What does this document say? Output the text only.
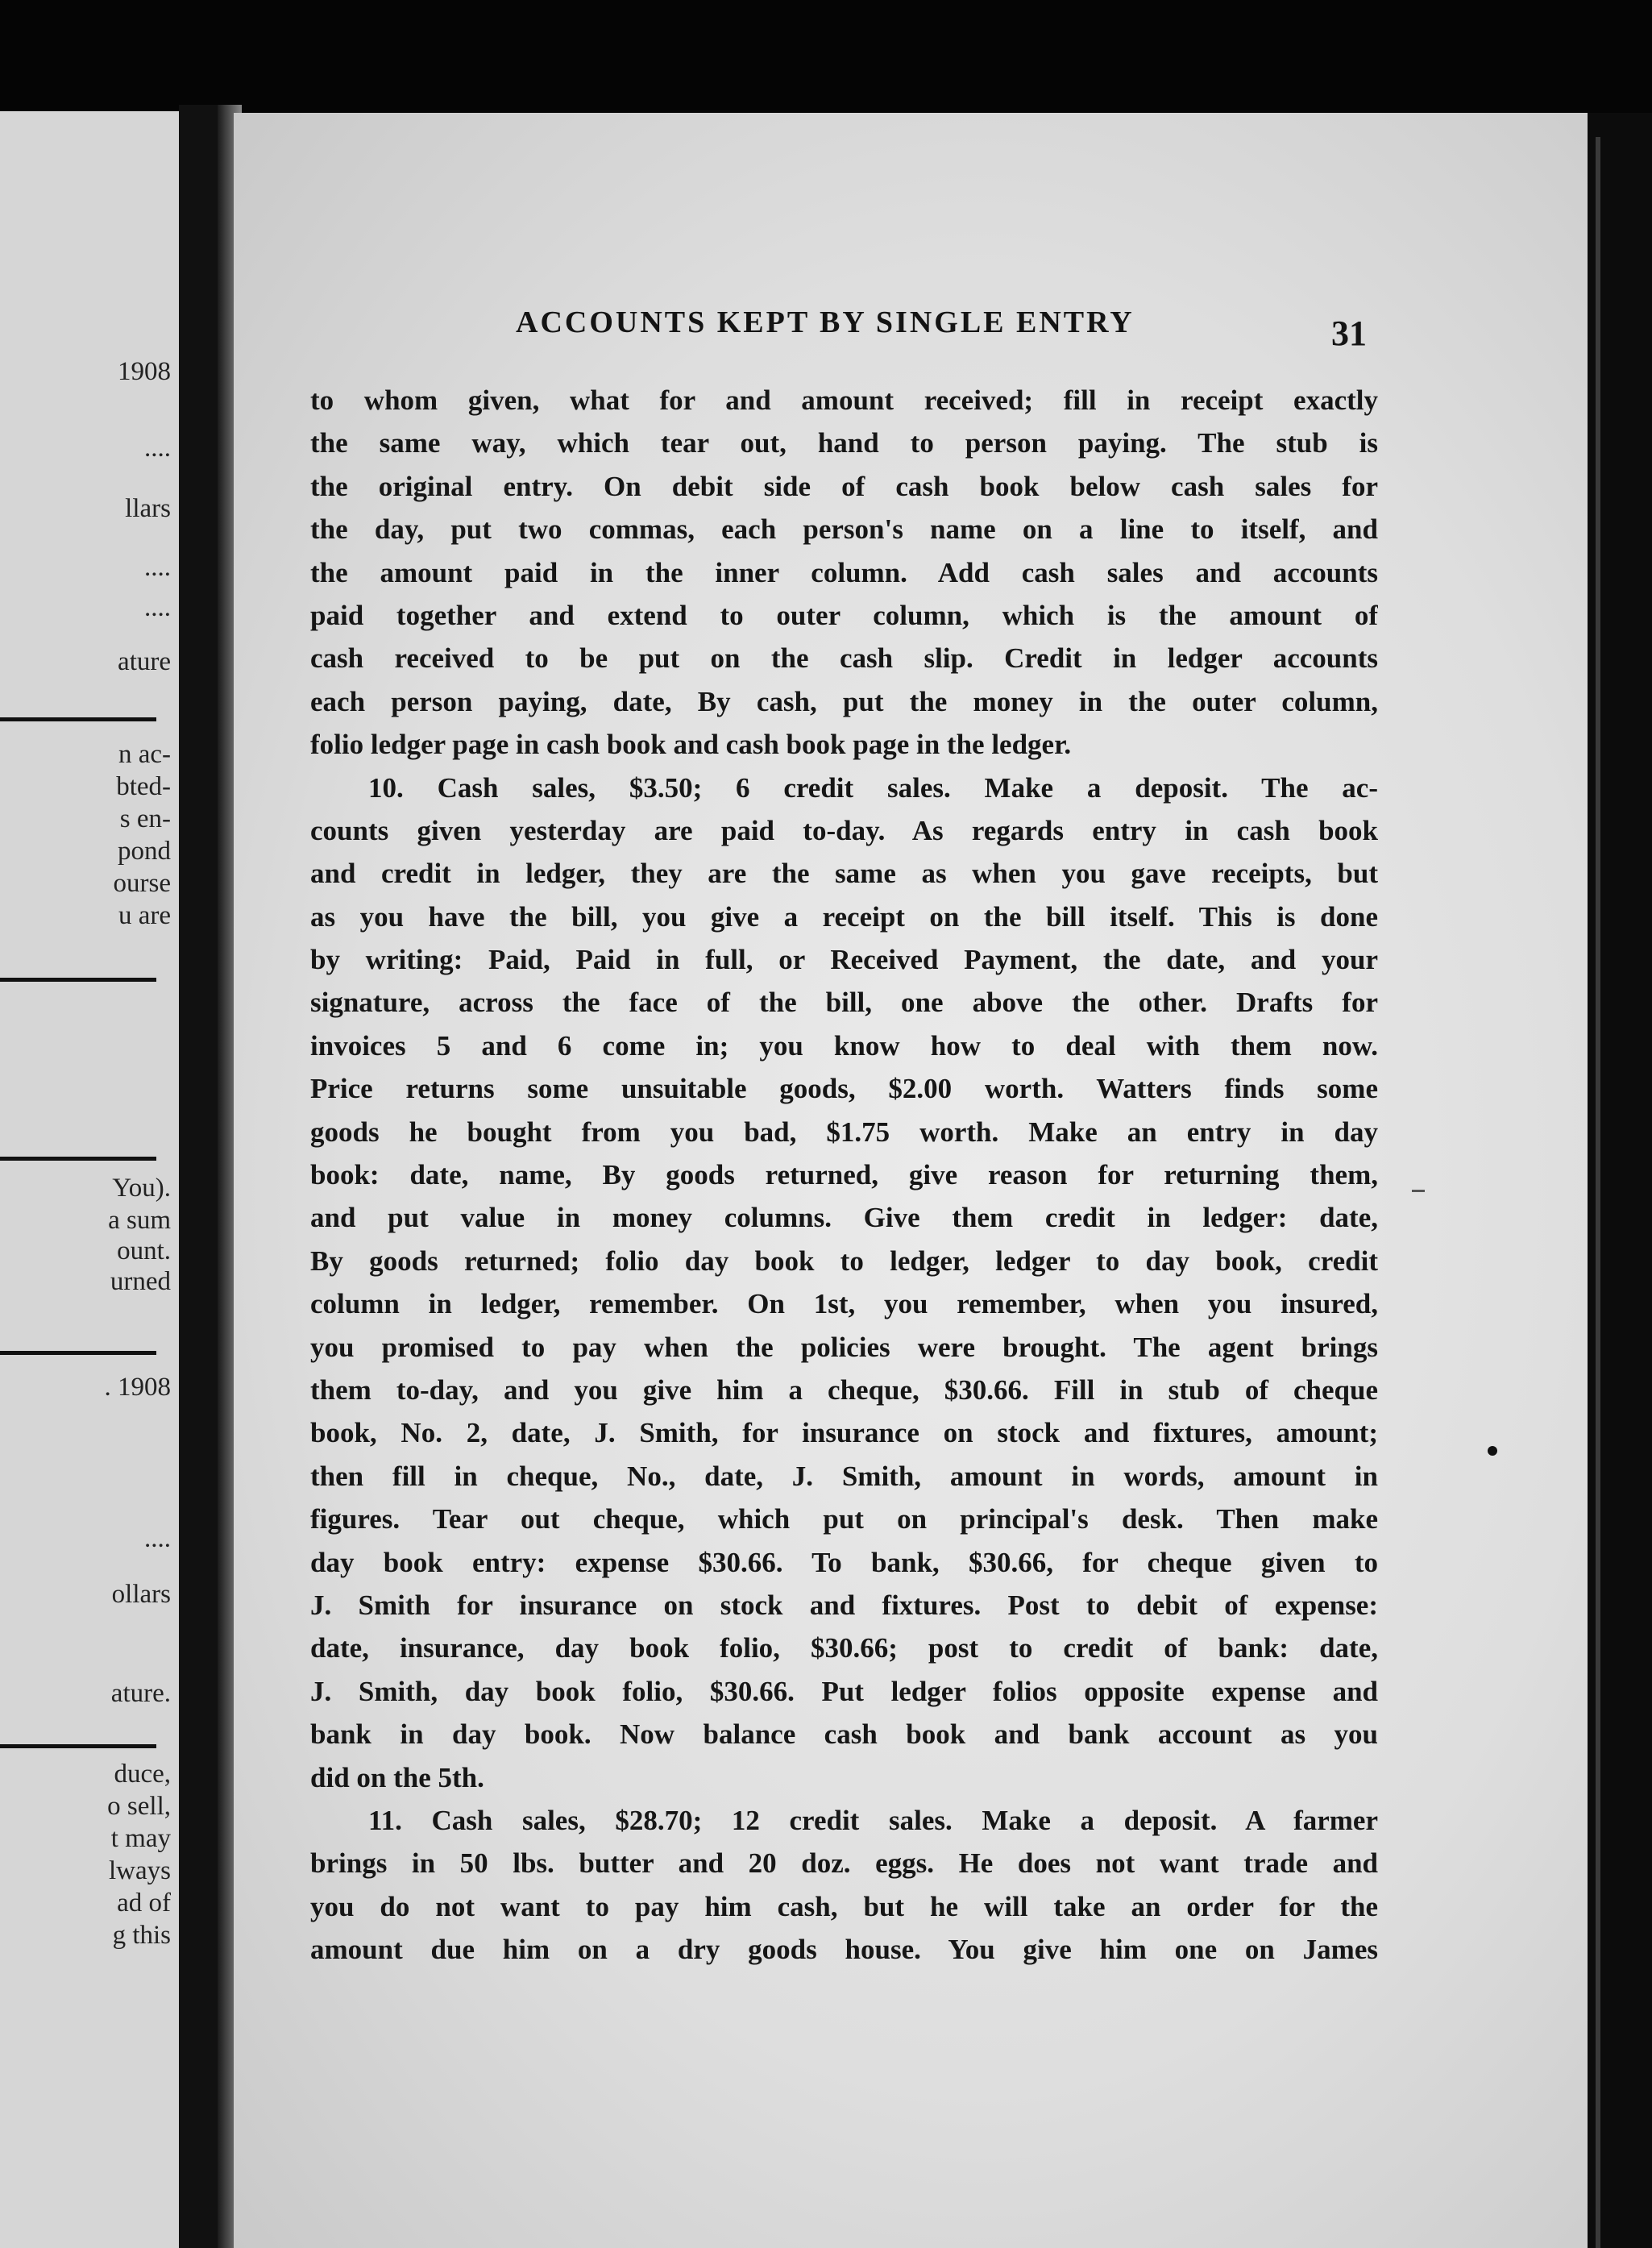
1908
....
llars
....
....
ature
n ac-
bted-
s en-
pond
ourse
u are
You).
a sum
ount.
urned
. 1908
....
ollars
ature.
duce,
o sell,
t may
lways
ad of
g this
ACCOUNTS KEPT BY SINGLE ENTRY	31
to whom given, what for and amount received; fill in receipt exactly
the same way, which tear out, hand to person paying. The stub is
the original entry. On debit side of cash book below cash sales for
the day, put two commas, each person's name on a line to itself, and
the amount paid in the inner column. Add cash sales and accounts
paid together and extend to outer column, which is the amount of
cash received to be put on the cash slip. Credit in ledger accounts
each person paying, date, By cash, put the money in the outer column,
folio ledger page in cash book and cash book page in the ledger.
10. Cash sales, $3.50; 6 credit sales. Make a deposit. The ac-
counts given yesterday are paid to-day. As regards entry in cash book
and credit in ledger, they are the same as when you gave receipts, but
as you have the bill, you give a receipt on the bill itself. This is done
by writing: Paid, Paid in full, or Received Payment, the date, and your
signature, across the face of the bill, one above the other. Drafts for
invoices 5 and 6 come in; you know how to deal with them now.
Price returns some unsuitable goods, $2.00 worth. Watters finds some
goods he bought from you bad, $1.75 worth. Make an entry in day
book: date, name, By goods returned, give reason for returning them,
and put value in money columns. Give them credit in ledger: date,
By goods returned; folio day book to ledger, ledger to day book, credit
column in ledger, remember. On 1st, you remember, when you insured,
you promised to pay when the policies were brought. The agent brings
them to-day, and you give him a cheque, $30.66. Fill in stub of cheque
book, No. 2, date, J. Smith, for insurance on stock and fixtures, amount;
then fill in cheque, No., date, J. Smith, amount in words, amount in
figures. Tear out cheque, which put on principal's desk. Then make
day book entry: expense $30.66. To bank, $30.66, for cheque given to
J. Smith for insurance on stock and fixtures. Post to debit of expense:
date, insurance, day book folio, $30.66; post to credit of bank: date,
J. Smith, day book folio, $30.66. Put ledger folios opposite expense and
bank in day book. Now balance cash book and bank account as you
did on the 5th.
11. Cash sales, $28.70; 12 credit sales. Make a deposit. A farmer
brings in 50 lbs. butter and 20 doz. eggs. He does not want trade and
you do not want to pay him cash, but he will take an order for the
amount due him on a dry goods house. You give him one on James
